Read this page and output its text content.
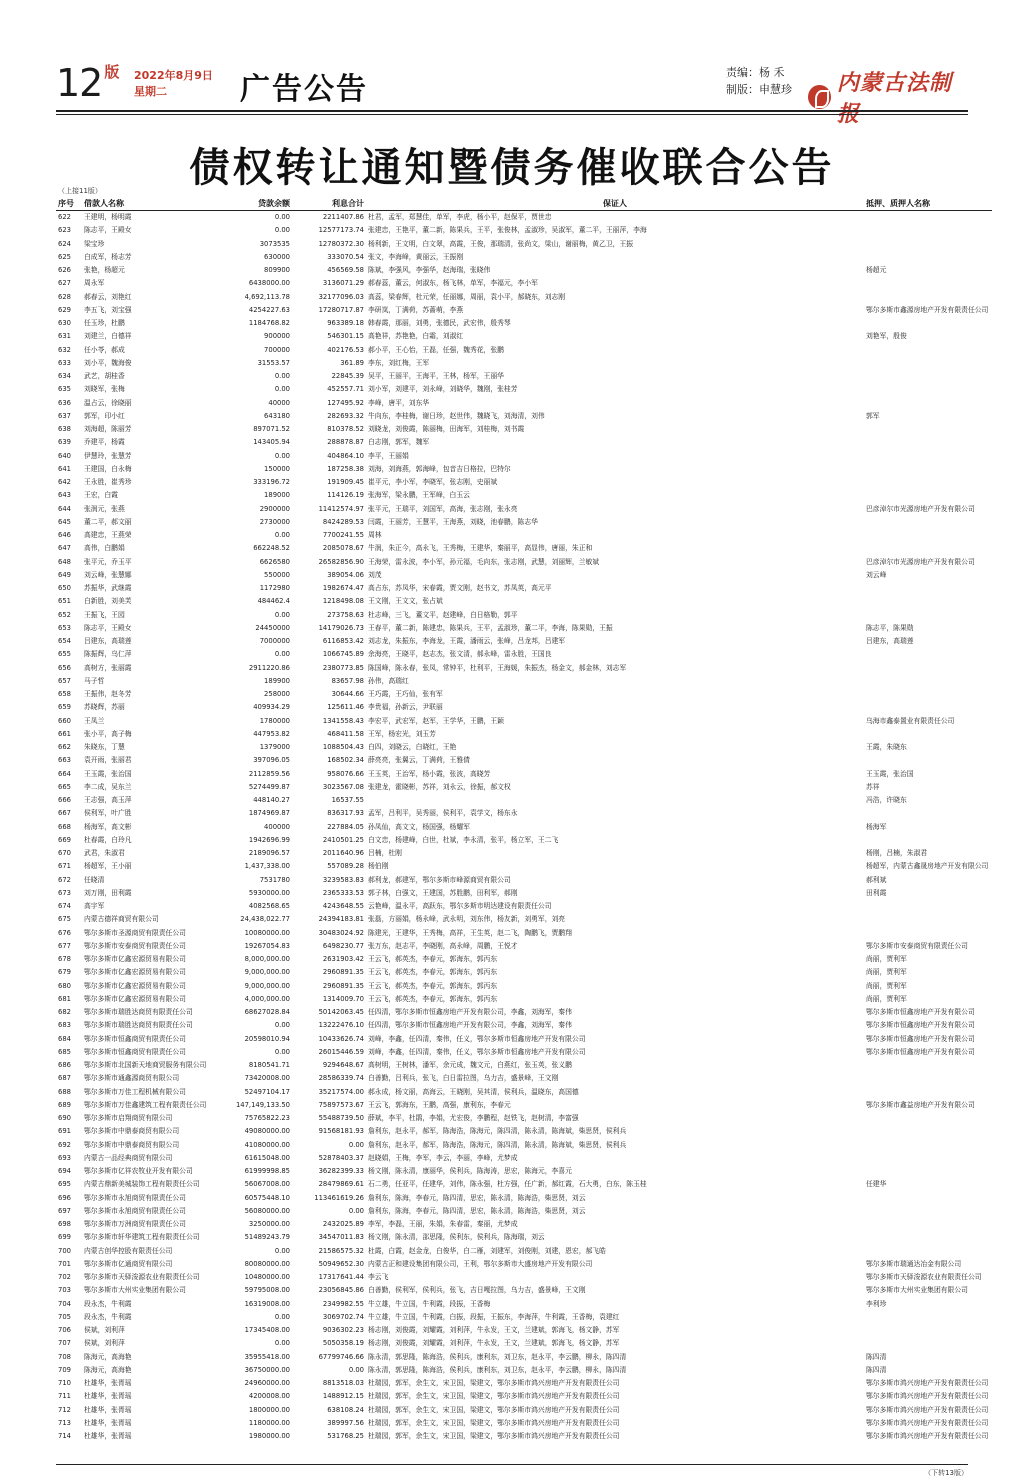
12 版 2022年8月9日
星期二	广告公告	责编：杨 禾
制版：申慧珍 内蒙古法制
债权转让通知暨债务催收联合公告
（上接11版）
序号	借款人名称	贷款余额	利息合计	保证人	抵押、质押人名称
622	王建明，杨明霞	0.00	2211407.86	杜君，孟军，郑慧佳，单军，李虎，杨小平，赵保平，贾世忠	
623	陈志平，王殿女	0.00	12577173.74	张建忠，王艳平，董二新，陈果兵，王平，张俊林，孟淑珍，吴淑军，董二平，王丽萍，李海	
624	梁宝珍	3073535	12780372.30	杨利新，王文明，白文翠，高霞，王俊，那瑞清，张尚文，梁山，谢丽梅，黄乙卫，王振	
625	白成军，杨志芳	630000	333070.54	张文，李海峰，黄丽云，王振刚	
626	张艳，杨超元	809900	456569.58	陈斌，李强风，李强华，赵海瑞，张晓伟	杨超元
627	周永军	6438000.00	3136071.29	郝春蕊，董云，何淑东，杨飞林，单军，李福元，李小军	
628	郝春云，刘艳红	4,692,113.78	32177096.03	高蕊，梁春辉，杜元荣，任丽娜，周丽，袁小平，郝晓东，刘志刚	
629	李五飞，刘宝强	4254227.63	17280717.87	李研岚，丁满荷，苏蔷萌，李燕	鄂尔多斯市鑫源房地产开发有限责任公司
630	任玉珍，杜鹏	1184768.82	963389.18	韩春霞，那丽，刘勇，张德民，武宏伟，殷秀琴	
631	刘建兰，白德祥	900000	546301.15	高艳祥，苏艳艳，白霜，刘淑红	刘艳军，殷俊
632	任小苓，郝成	700000	402176.53	郝小平，王心怡，王磊，任强，魏秀花，张鹏	
633	刘小平，魏海俊	31553.57	361.89	李东，刘红梅，王军	
634	武艺，胡桂香	0.00	22845.39	吴平，王丽平，王海平，王林，杨军，王丽华	
635	刘晓军，张梅	0.00	452557.71	刘小军，刘建平，刘永峰，刘晓华，魏刚，张桂芳	
636	温占云，徐晓丽	40000	127495.92	李峰，唐平，刘东华	
637	郭军，印小红	643180	282693.32	牛向东，李桂梅，谢日珍，赵世伟，魏晓飞，刘海清，刘伟	郭军
638	刘海超，陈丽芳	897071.52	810378.52	刘晓龙，刘俊霞，陈丽梅，田海军，刘桂梅，刘书霞	
639	乔建平，杨霞	143405.94	288878.87	白志刚，郭军，魏军	
640	伊慧玲，张慧芳	0.00	404864.10	李平，王丽娟	
641	王建国，白永梅	150000	187258.38	刘海，刘海燕，郭海峰，包音吉日格拉，巴特尔	
642	王永胜，崔秀珍	333196.72	191909.45	崔平元，李小军，李晓军，张志刚，史丽斌	
643	王宏，白霞	189000	114126.19	张海军，梁永鹏，王军峰，白玉云	
644	张润元，张燕	2900000	11412574.97	张平元，王瑞平，刘国军，高海，张志刚，张永亮	巴彦淖尔市光源房地产开发有限公司
645	董二平，郝文丽	2730000	8424289.53	闫霞，王丽芳，王慧平，王海燕，刘晓，池春鹏，陈志华	
646	高建忠，王燕荣	0.00	7700241.55	周林	
647	高伟，白鹏娟	662248.52	2085078.67	牛润，朱正今，高永飞，王秀梅，王建华，秦丽平，高显伟，唐丽，朱正和	
648	张平元，乔玉平	6626580	26582856.90	王海荣，雷永波，李小军，孙元福，毛向东，张志刚，武慧，刘丽辉，兰敏斌	巴彦淖尔市光源房地产开发有限公司
649	刘云峰，张慧娜	550000	389054.06	刘茂	刘云峰
650	苏振华，武继霞	1172980	1982674.47	高占东，苏凤华，宋春霞，贾文刚，赵书文，苏凤英，高元平	
651	白新胜，刘美芙	484462.4	1218498.08	王文刚，王文文，张占斌	
652	王振飞，王园	0.00	273758.63	杜志峰，三飞，董文平，赵建峰，白日格勒，郭平	
653	陈志平，王殿女	24450000	14179026.73	王春平，董二新，陈建忠，陈果兵，王平，孟淑珍，董二平，李海，陈果勋，王振	陈志平，陈果勋
654	吕建东，高瑞莲	7000000	6116853.42	刘志龙，朱振东，李海龙，王霞，潘雨云，张峰，吕龙邦，吕建军	吕建东，高瑞莲
655	陈振辉，乌仁萍	0.00	1066745.89	余海亮，王晓平，赵志杰，张文清，郝永峰，雷永胜，王国良	
656	高树方，张丽霞	2911220.86	2380773.85	陈国峰，陈永春，张凤，常钟平，杜利平，王海媛，朱振杰，杨金文，郝金林，刘志军	
657	马子哲	189900	83657.98	孙伟，高瑞红	
658	王振伟，赵冬芳	258000	30644.66	王巧霞，王巧仙，张有军	
659	苏晓辉，苏丽	409934.29	125611.46	李贵福，孙新云，尹联丽	
660	王凤兰	1780000	1341558.43	李宏平，武宏军，赵军，王学华，王鹏，王颖	乌海市鑫泰置业有限责任公司
661	张小平，高子梅	447953.82	468411.58	王军，杨宏光，刘玉芳	
662	朱晓东，丁慧	1379000	1088504.43	白四，刘晓云，白晓红，王艳	王霞，朱晓东
663	袁开雨，张丽君	397096.05	168502.34	薛亮亮，张翼云，丁满荷，王雅倩	
664	王玉霞，张治国	2112859.56	958076.66	王玉英，王治军，杨小霞，张波，高晓芳	王玉霞，张治国
665	李二成，吴东兰	5274499.87	3023567.08	张建龙，霍晓彬，苏祥，刘永云，徐振，郝文权	苏祥
666	王志强，高玉萍	448140.27	16537.55		冯浩，许晓东
667	侯利军，叶广胜	1874969.87	836317.93	孟军，吕利平，吴秀丽，侯利平，袁学文，杨东永	
668	杨海军，高文彬	400000	227884.05	孙凤仙，高文文，杨国强，杨耀军	杨海军
669	杜春霞，白玲凡	1942696.99	2410501.25	白文忠，杨建峰，白世，杜斌，李永清，张平，杨立军，王二飞	
670	武君，朱淑君	2189096.57	2011640.96	吕楠，杜刚	杨刚，吕楠，朱淑君
671	杨超军，王小丽	1,437,338.00	557089.28	杨伯刚	杨超军，内蒙古鑫晟房地产开发有限公司
672	任晓清	7531780	3239583.83	郝利龙，郝建军，鄂尔多斯市峰源商贸有限公司	郝利斌
673	刘万刚，田利霞	5930000.00	2365333.53	郭子林，白强文，王建国，苏胜鹏，田利军，郝刚	田利霞
674	高宇军	4082568.65	4243648.55	云艳峰，温永平，高跃东，鄂尔多斯市明达建设有限责任公司	
675	内蒙古德祥商贸有限公司	24,438,022.77	24394183.81	张磊，方丽娟，杨永峰，武永明，刘东伟，杨友新，刘勇军，刘亮	
676	鄂尔多斯市圣源商贸有限责任公司	10080000.00	30483024.92	陈建光，王建华，王秀梅，高祥，王生英，赵二飞，陶鹏飞，贾鹏翔	
677	鄂尔多斯市安泰商贸有限责任公司	19267054.83	6498230.77	张万东，赵志平，李晓刚，高永峰，周鹏，王悦才	鄂尔多斯市安泰商贸有限责任公司
678	鄂尔多斯市亿鑫宏源贸易有限公司	8,000,000.00	2631903.42	王云飞，郝英杰，李春元，郭海东，郭丙东	尚丽，贾利军
679	鄂尔多斯市亿鑫宏源贸易有限公司	9,000,000.00	2960891.35	王云飞，郝英杰，李春元，郭海东，郭丙东	尚丽，贾利军
680	鄂尔多斯市亿鑫宏源贸易有限公司	9,000,000.00	2960891.35	王云飞，郝英杰，李春元，郭海东，郭丙东	尚丽，贾利军
681	鄂尔多斯市亿鑫宏源贸易有限公司	4,000,000.00	1314009.70	王云飞，郝英杰，李春元，郭海东，郭丙东	尚丽，贾利军
682	鄂尔多斯市瑞胜达商贸有限责任公司	68627028.84	50142063.45	任四清，鄂尔多斯市恒鑫房地产开发有限公司，李鑫，刘海军，秦伟	鄂尔多斯市恒鑫房地产开发有限公司
683	鄂尔多斯市瑞胜达商贸有限责任公司	0.00	13222476.10	任四清，鄂尔多斯市恒鑫房地产开发有限公司，李鑫，刘海军，秦伟	鄂尔多斯市恒鑫房地产开发有限公司
684	鄂尔多斯市恒鑫商贸有限责任公司	20598010.94	10433626.74	刘峰，李鑫，任四清，秦伟，任义，鄂尔多斯市恒鑫房地产开发有限公司	鄂尔多斯市恒鑫房地产开发有限公司
685	鄂尔多斯市恒鑫商贸有限责任公司	0.00	26015446.59	刘峰，李鑫，任四清，秦伟，任义，鄂尔多斯市恒鑫房地产开发有限公司	鄂尔多斯市恒鑫房地产开发有限公司
686	鄂尔多斯市北国新天地商贸服务有限公司	8180541.71	9294648.67	高树明，王树林，潘军，余元成，魏文元，白燕红，张玉英，张义鹏	
687	鄂尔多斯市通鑫源商贸有限公司	73420008.00	28586339.74	白善勤，吕利兵，张飞，白日雷拉图，乌力吉，盛景峰，王文刚	
688	鄂尔多斯市万佳工程机械有限公司	52497104.17	35217574.00	郝永成，杨文丽，高海云，王晓刚，吴其清，侯利兵，温晓东，高国德	
689	鄂尔多斯市万佳鑫建筑工程有限责任公司	147,149,133.50	75897573.67	王云飞，郭海东，王鹏，高强，康利东，李春元	鄂尔多斯市鑫益房地产开发有限公司
690	鄂尔多斯市启翔商贸有限公司	75765822.23	55488739.50	薛斌，李平，杜鹃，李娟，尤宏俊，李鹏程，赵铁飞，赵树清，李富强	
691	鄂尔多斯市中鼎泰商贸有限公司	49080000.00	91568181.93	詹利东，赵永平，郝军，陈海浩，陈海元，陈四清，陈永清，陈海斌，柴思贤，侯利兵	
692	鄂尔多斯市中鼎泰商贸有限公司	41080000.00	0.00	詹利东，赵永平，郝军，陈海浩，陈海元，陈四清，陈永清，陈海斌，柴思贤，侯利兵	
693	内蒙古一品经典商贸有限公司	61615048.00	52878403.37	赵晓娟，王梅，李军，李云，李丽，李峰，尤梦成	
694	鄂尔多斯市亿祥农牧业开发有限公司	61999998.85	36282399.33	杨文刚，陈永清，康丽华，侯利兵，陈海涛，思宏，陈海元，李喜元	
695	内蒙古鼎新美城装饰工程有限责任公司	56067008.00	28479869.61	石二勇，任亚平，任建华，刘伟，陈永强，杜方强，任广新，郝红霞，石大勇，白东，陈玉桂	任建华
696	鄂尔多斯市永旭商贸有限责任公司	60575448.10	113461619.26	詹利东，陈海，李春元，陈四清，思宏，陈永清，陈海浩，柴思贤，刘云	
697	鄂尔多斯市永旭商贸有限责任公司	56080000.00	0.00	詹利东，陈海，李春元，陈四清，思宏，陈永清，陈海浩，柴思贤，刘云	
698	鄂尔多斯市万洲商贸有限责任公司	3250000.00	2432025.89	李军，李磊，王丽，朱娟，朱春雷，秦丽，尤梦成	
699	鄂尔多斯市轩华建筑工程有限责任公司	51489243.79	34547011.83	杨文刚，陈永清，邵思隆，侯利东，侯利兵，陈海瑞，刘云	
700	内蒙古创华控股有限责任公司	0.00	21586575.32	杜霞，白霞，赵金龙，白俊华，白二雁，刘建军，刘俊刚，刘建，恩宏，郝飞皓	
701	鄂尔多斯市亿通商贸有限公司	80080000.00	50949652.30	内蒙古正和建设集团有限公司，王利，鄂尔多斯市大盛房地产开发有限公司	鄂尔多斯市瑞通达冶金有限公司
702	鄂尔多斯市天驿浚源农业有限责任公司	10480000.00	17317641.44	李云飞	鄂尔多斯市天驿浚源农业有限责任公司
703	鄂尔多斯市大州实业集团有限公司	59795008.00	23056845.86	白善勤，侯利军，侯利兵，张飞，吉日嘎拉图，乌力吉，盛景峰，王文刚	鄂尔多斯市大州实业集团有限公司
704	段永杰，牛利霞	16319008.00	2349982.55	牛立雄，牛立国，牛利霞，段振，王香梅	李利珍
705	段永杰，牛利霞	0.00	3069702.74	牛立雄，牛立国，牛利霞，白振，段振，王振东，李海萍，牛利霞，王香梅，袁建红	
706	侯斌，刘利萍	17345408.00	9036302.23	杨志刚，刘俊霞，刘耀霞，刘利萍，牛永发，王文，兰建斌，郭海飞，杨文静，苏军	
707	侯斌，刘利萍	0.00	5050358.19	杨志刚，刘俊霞，刘耀霞，刘利萍，牛永发，王文，兰建斌，郭海飞，杨文静，苏军	
708	陈海元，高海艳	35955418.00	67799746.66	陈永清，郭思隆，陈海浩，侯利兵，康利东，刘卫东，赵永平，李云鹏，柳永，陈四清	陈四清
709	陈海元，高海艳	36750000.00	0.00	陈永清，郭思隆，陈海浩，侯利兵，康利东，刘卫东，赵永平，李云鹏，柳永，陈四清	陈四清
710	杜雄华，张胥瑶	24960000.00	8813518.03	杜瑞园，郭军，余生文，宋卫国，梁建文，鄂尔多斯市鸿兴房地产开发有限责任公司	鄂尔多斯市鸿兴房地产开发有限责任公司
711	杜雄华，张胥瑶	4200008.00	1488912.15	杜瑞园，郭军，余生文，宋卫国，梁建文，鄂尔多斯市鸿兴房地产开发有限责任公司	鄂尔多斯市鸿兴房地产开发有限责任公司
712	杜雄华，张胥瑶	1800000.00	638108.24	杜瑞园，郭军，余生文，宋卫国，梁建文，鄂尔多斯市鸿兴房地产开发有限责任公司	鄂尔多斯市鸿兴房地产开发有限责任公司
713	杜雄华，张胥瑶	1180000.00	389997.56	杜瑞园，郭军，余生文，宋卫国，梁建文，鄂尔多斯市鸿兴房地产开发有限责任公司	鄂尔多斯市鸿兴房地产开发有限责任公司
714	杜雄华，张胥瑶	1980000.00	531768.25	杜瑞园，郭军，余生文，宋卫国，梁建文，鄂尔多斯市鸿兴房地产开发有限责任公司	鄂尔多斯市鸿兴房地产开发有限责任公司
（下转13版）
